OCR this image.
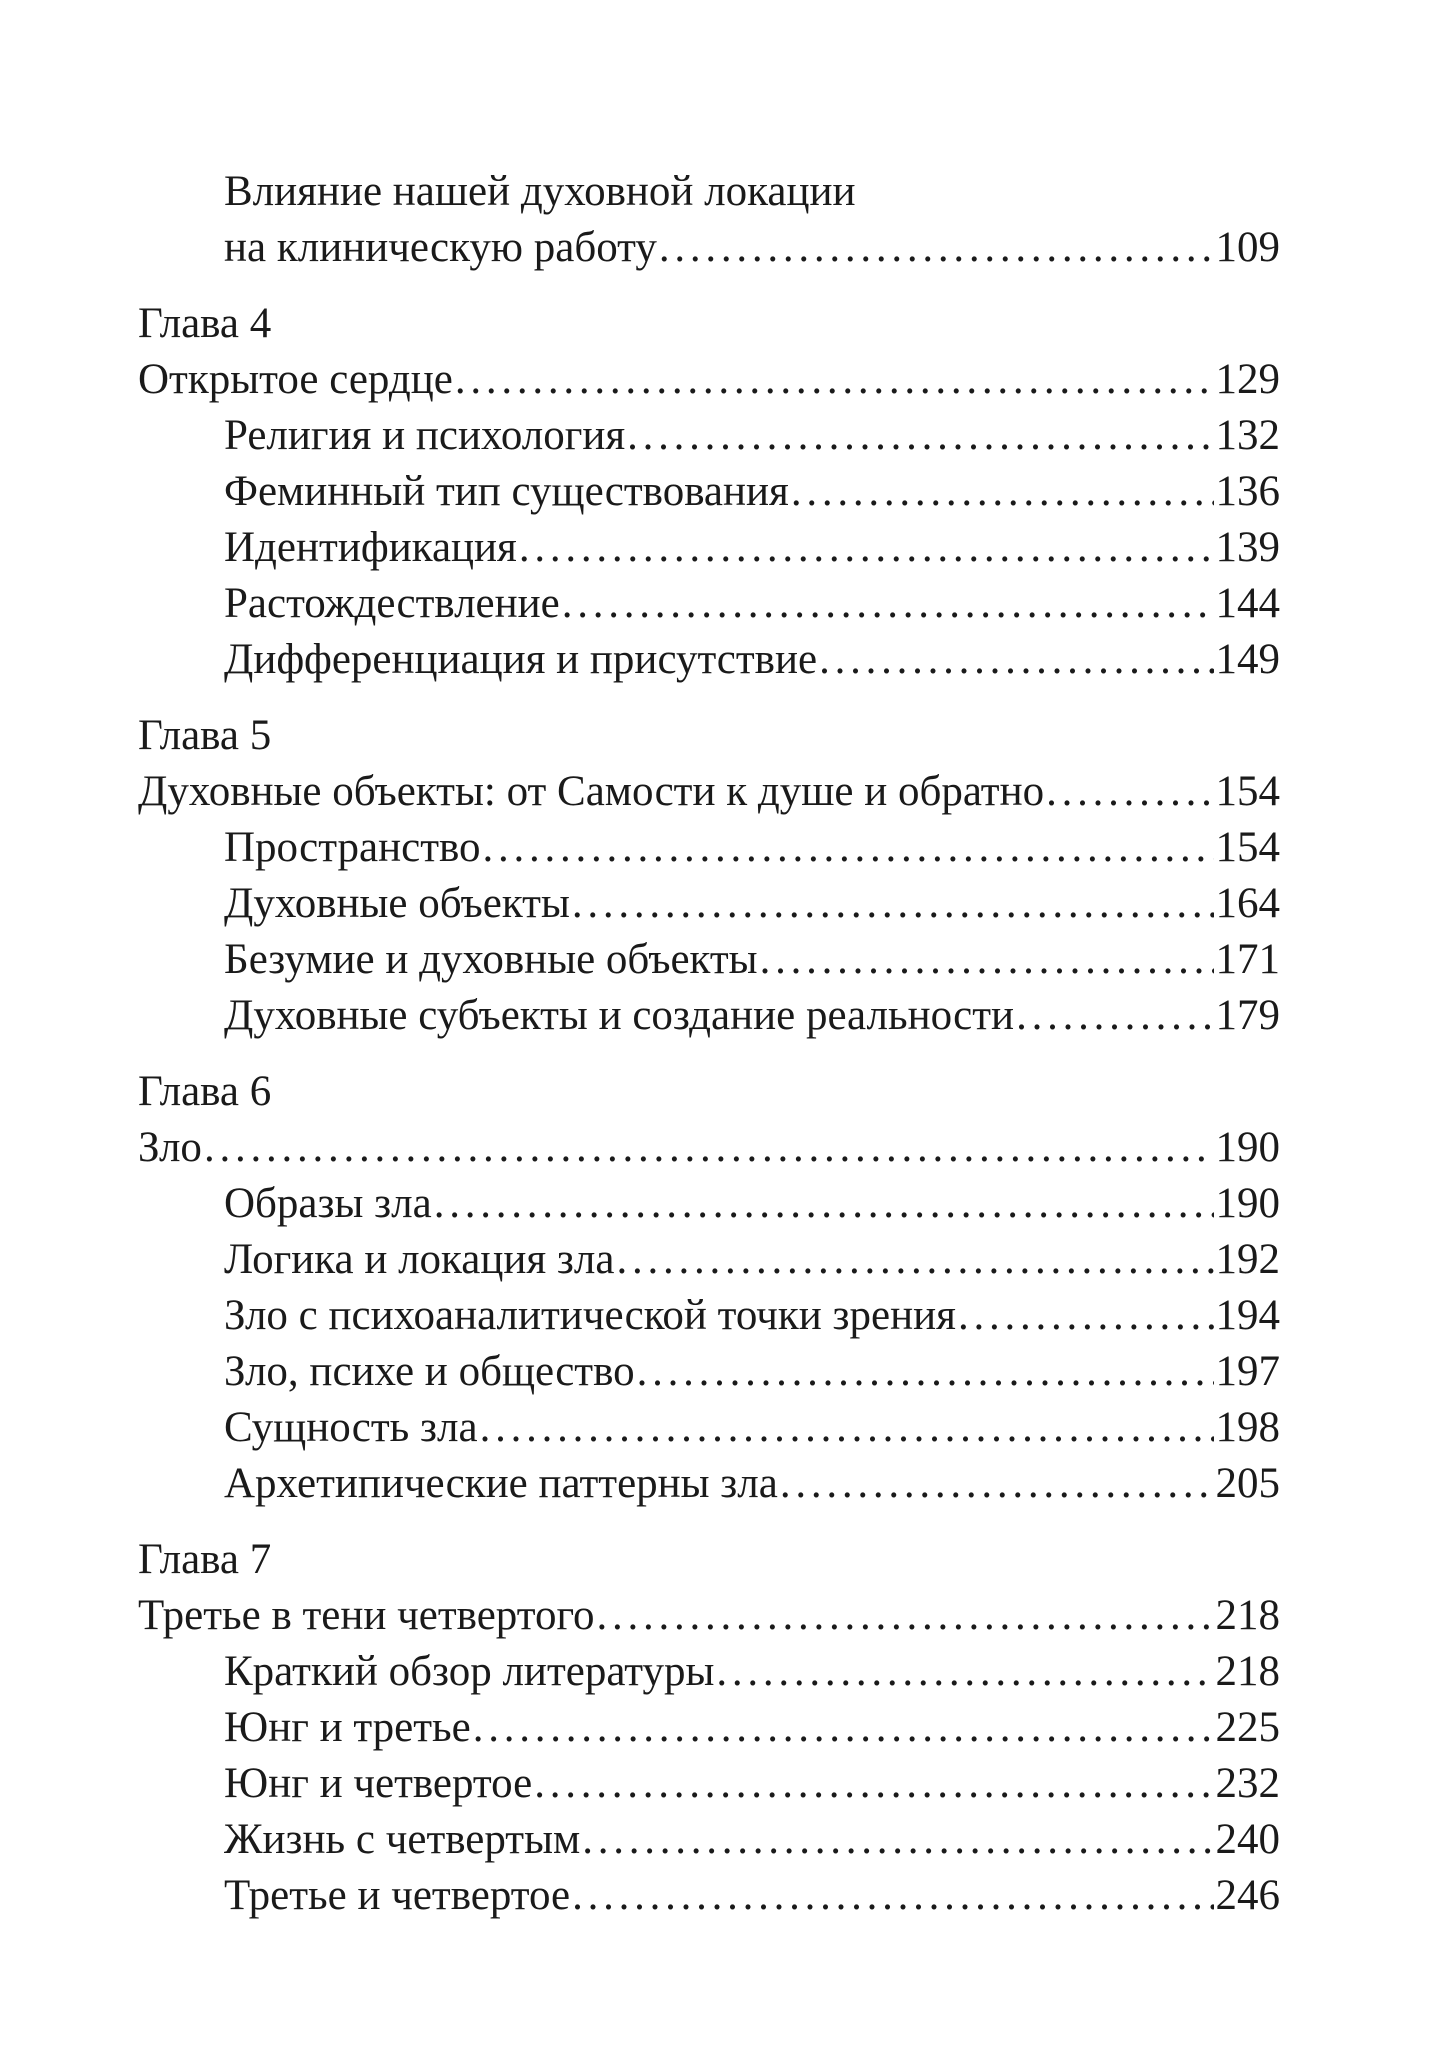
Влияние нашей духовной локации
на клиническую работу . . .	109
Глава 4
Открытое сердце . . .	129
Религия и психология . . .	132
Феминный тип существования . . .	136
Идентификация . . .	139
Растождествление . . .	144
Дифференциация и присутствие . . .	149
Глава 5
Духовные объекты: от Самости к душе и обратно . . .	154
Пространство . . .	154
Духовные объекты . . .	164
Безумие и духовные объекты . . .	171
Духовные субъекты и создание реальности . . .	179
Глава 6
Зло . . .	190
Образы зла . . .	190
Логика и локация зла . . .	192
Зло с психоаналитической точки зрения . . .	194
Зло, психе и общество . . .	197
Сущность зла . . .	198
Архетипические паттерны зла . . .	205
Глава 7
Третье в тени четвертого . . .	218
Краткий обзор литературы . . .	218
Юнг и третье . . .	225
Юнг и четвертое . . .	232
Жизнь с четвертым . . .	240
Третье и четвертое . . .	246
